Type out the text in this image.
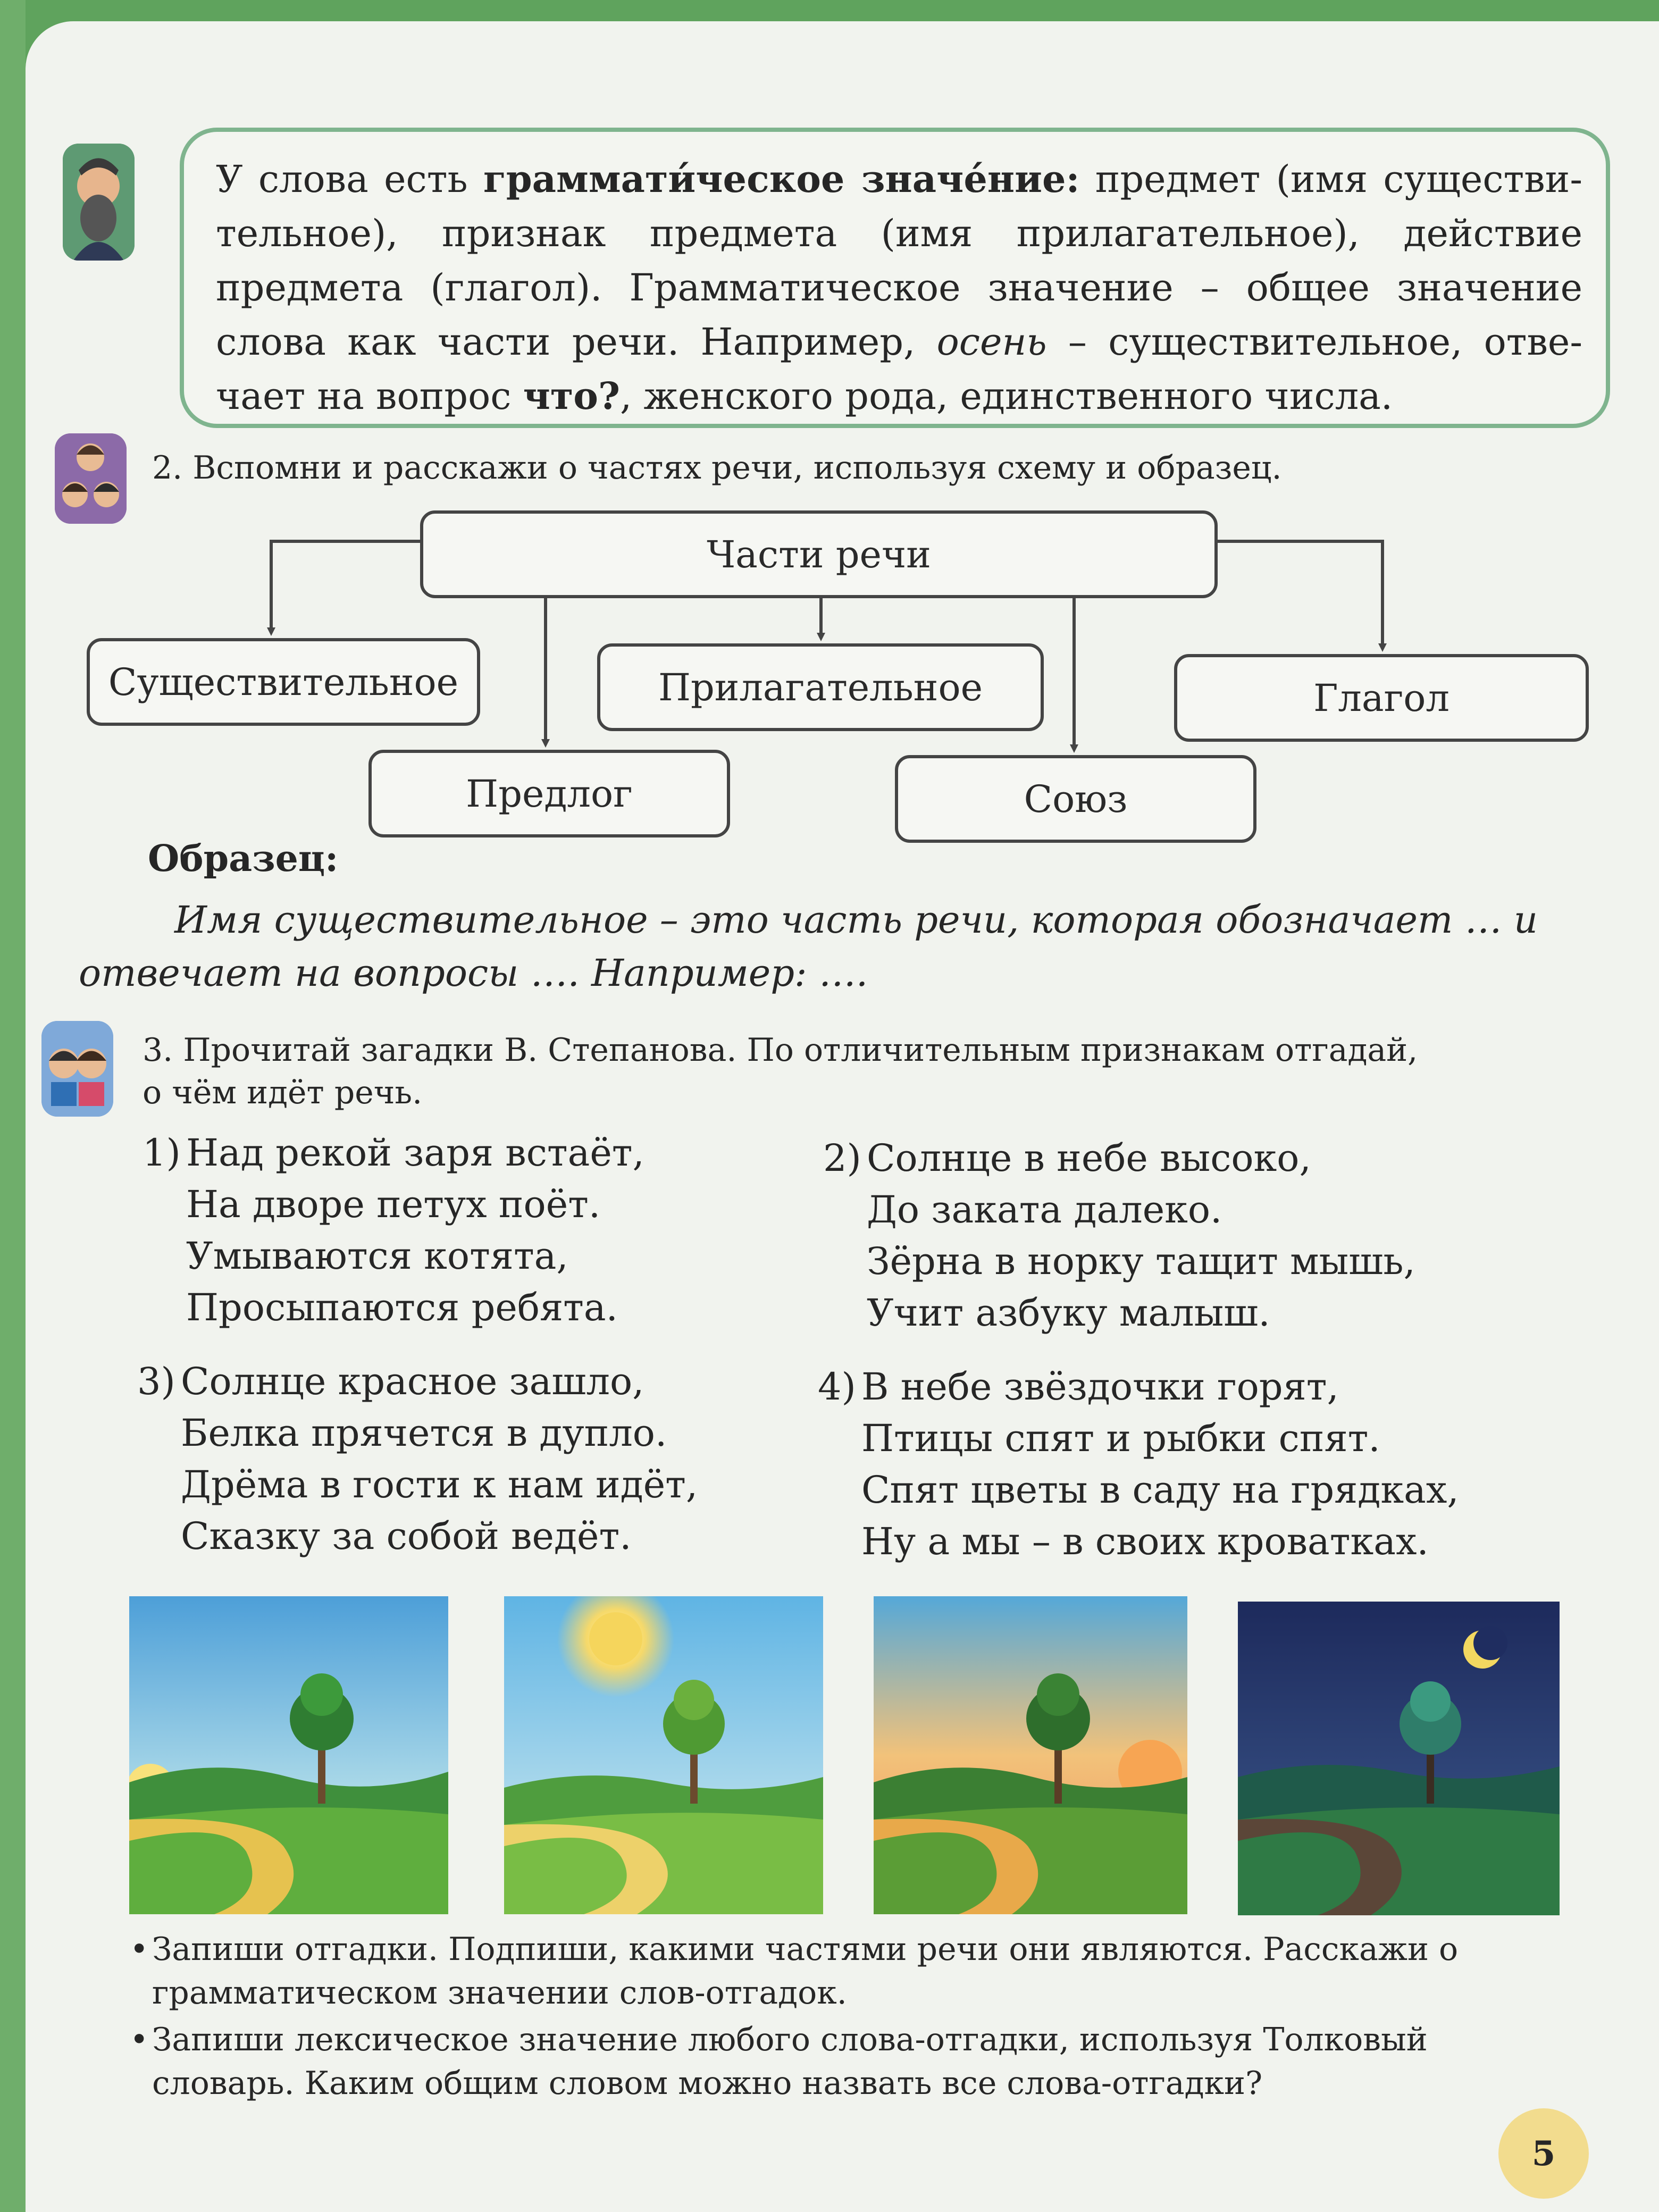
У слова есть граммати́ческое значе́ние: предмет (имя существи-тельное), признак предмета (имя прилагательное), действие предмета (глагол). Грамматическое значение – общее значение слова как части речи. Например, осень – существительное, отве-чает на вопрос что?, женского рода, единственного числа.
2. Вспомни и расскажи о частях речи, используя схему и образец.
Части речи
Существительное	Прилагательное	Глагол
Предлог	Союз
Образец:
Имя существительное – это часть речи, которая обозначает … и отвечает на вопросы …. Например: ….
3. Прочитай загадки В. Степанова. По отличительным признакам отгадай,
о чём идёт речь.
1) Над рекой заря встаёт,
На дворе петух поёт.
Умываются котята,
Просыпаются ребята.
2) Солнце в небе высоко,
До заката далеко.
Зёрна в норку тащит мышь,
Учит азбуку малыш.
3) Солнце красное зашло,
Белка прячется в дупло.
Дрёма в гости к нам идёт,
Сказку за собой ведёт.
4) В небе звёздочки горят,
Птицы спят и рыбки спят.
Спят цветы в саду на грядках,
Ну а мы – в своих кроватках.
• Запиши отгадки. Подпиши, какими частями речи они являются. Расскажи о грамматическом значении слов-отгадок.
• Запиши лексическое значение любого слова-отгадки, используя Толковый словарь. Каким общим словом можно назвать все слова-отгадки?
5
